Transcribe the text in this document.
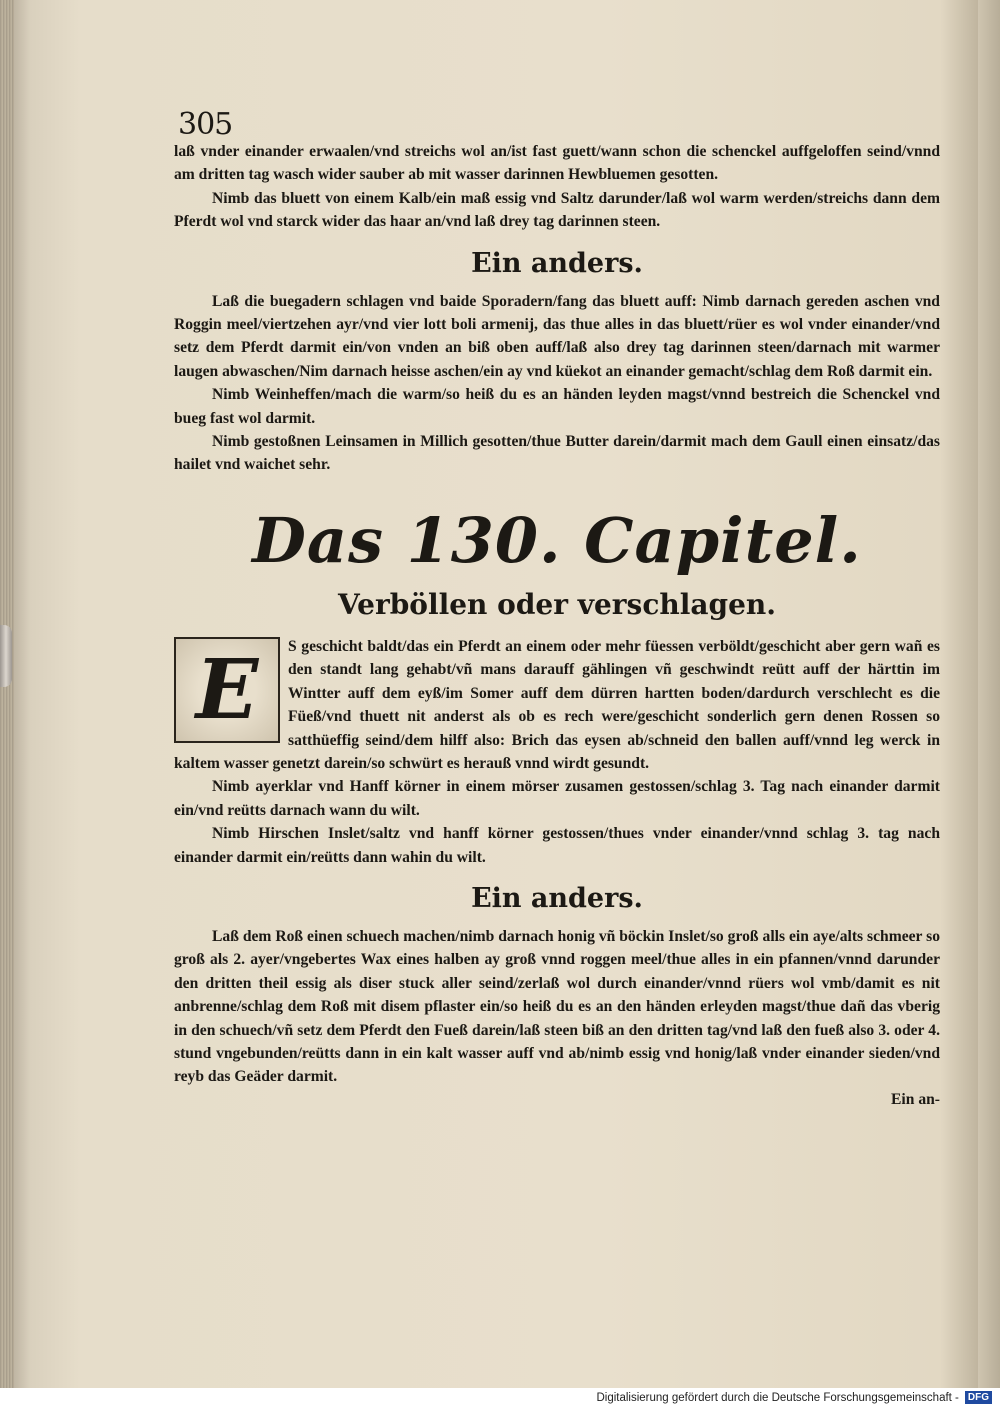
305

laß vnder einander erwaalen/vnd streichs wol an/ist fast guett/wann schon die schenckel auffgeloffen seind/vnnd am dritten tag wasch wider sauber ab mit wasser darinnen Hewbluemen gesotten.

Nimb das bluett von einem Kalb/ein maß essig vnd Saltz darunder/laß wol warm werden/streichs dann dem Pferdt wol vnd starck wider das haar an/vnd laß drey tag darinnen steen.

Ein anders.

Laß die buegadern schlagen vnd baide Sporadern/fang das bluett auff: Nimb darnach gereden aschen vnd Roggin meel/viertzehen ayr/vnd vier lott boli armenij, das thue alles in das bluett/rüer es wol vnder einander/vnd setz dem Pferdt darmit ein/von vnden an biß oben auff/laß also drey tag darinnen steen/darnach mit warmer laugen abwaschen/Nim darnach heisse aschen/ein ay vnd küekot an einander gemacht/schlag dem Roß darmit ein.

Nimb Weinheffen/mach die warm/so heiß du es an händen leyden magst/vnnd bestreich die Schenckel vnd bueg fast wol darmit.

Nimb gestoßnen Leinsamen in Millich gesotten/thue Butter darein/darmit mach dem Gaull einen einsatz/das hailet vnd waichet sehr.

Das 130. Capitel.
Verböllen oder verschlagen.
E	S geschicht baldt/das ein Pferdt an einem oder mehr füessen verböldt/geschicht aber gern wañ es den standt lang gehabt/vñ mans darauff gählingen vñ geschwindt reütt auff der härttin im Wintter auff dem eyß/im Somer auff dem dürren hartten boden/dardurch verschlecht es die Füeß/vnd thuett nit anderst als ob es rech were/geschicht sonderlich gern denen Rossen so satthüeffig seind/dem hilff also: Brich das eysen ab/schneid den ballen auff/vnnd leg werck in kaltem wasser genetzt darein/so schwürt es herauß vnnd wirdt gesundt.

Nimb ayerklar vnd Hanff körner in einem mörser zusamen gestossen/schlag 3. Tag nach einander darmit ein/vnd reütts darnach wann du wilt.

Nimb Hirschen Inslet/saltz vnd hanff körner gestossen/thues vnder einander/vnnd schlag 3. tag nach einander darmit ein/reütts dann wahin du wilt.

Ein anders.

Laß dem Roß einen schuech machen/nimb darnach honig vñ böckin Inslet/so groß alls ein aye/alts schmeer so groß als 2. ayer/vngebertes Wax eines halben ay groß vnnd roggen meel/thue alles in ein pfannen/vnnd darunder den dritten theil essig als diser stuck aller seind/zerlaß wol durch einander/vnnd rüers wol vmb/damit es nit anbrenne/schlag dem Roß mit disem pflaster ein/so heiß du es an den händen erleyden magst/thue dañ das vberig in den schuech/vñ setz dem Pferdt den Fueß darein/laß steen biß an den dritten tag/vnd laß den fueß also 3. oder 4. stund vngebunden/reütts dann in ein kalt wasser auff vnd ab/nimb essig vnd honig/laß vnder einander sieden/vnd reyb das Geäder darmit.

Ein an-
Digitalisierung gefördert durch die Deutsche Forschungsgemeinschaft - DFG
